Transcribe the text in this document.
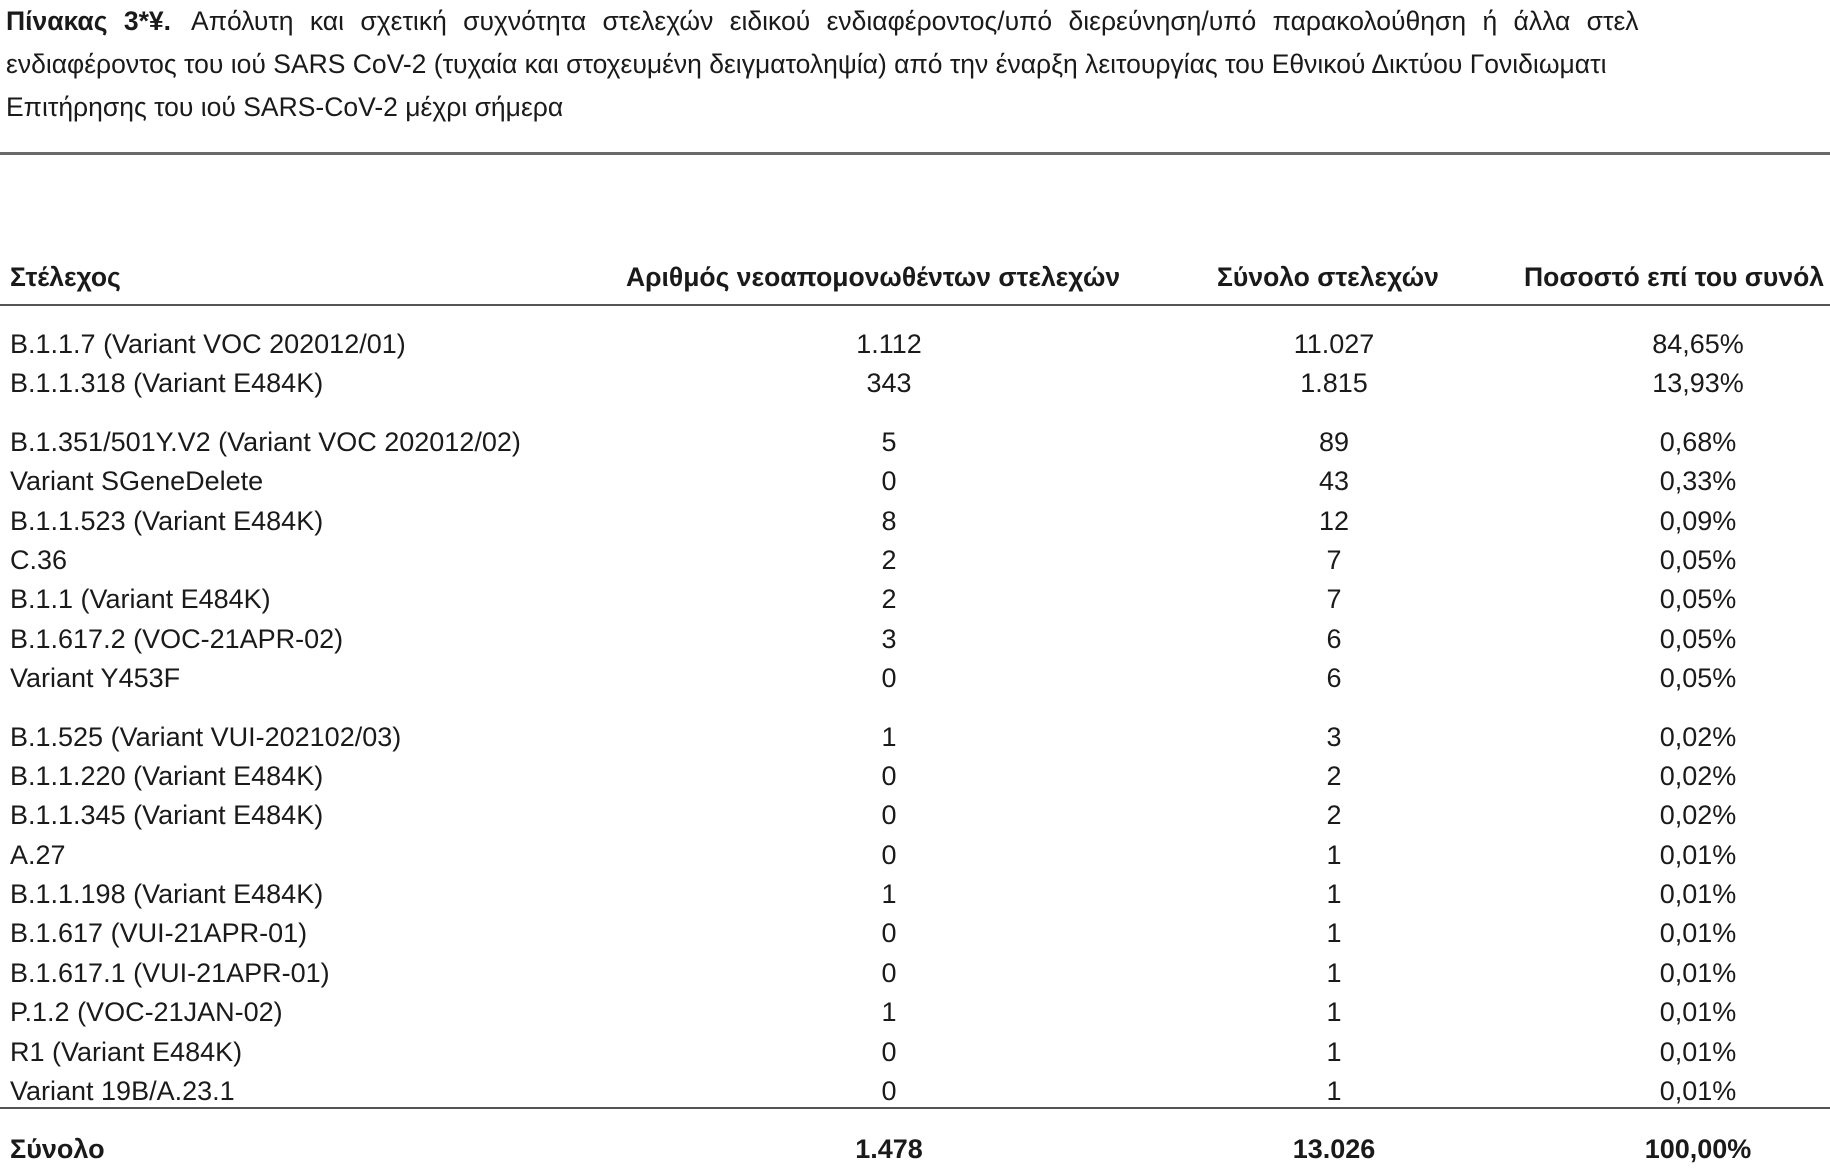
Πίνακας 3*¥. Απόλυτη και σχετική συχνότητα στελεχών ειδικού ενδιαφέροντος/υπό διερεύνηση/υπό παρακολούθηση ή άλλα στελ
ενδιαφέροντος του ιού SARS CoV-2 (τυχαία και στοχευμένη δειγματοληψία) από την έναρξη λειτουργίας του Εθνικού Δικτύου Γονιδιωματι
Επιτήρησης του ιού SARS-CoV-2 μέχρι σήμερα
Στέλεχος	Αριθμός νεοαπομονωθέντων στελεχών	Σύνολο στελεχών	Ποσοστό επί του συνόλ
B.1.1.7 (Variant VOC 202012/01)	1.112	11.027	84,65%
B.1.1.318 (Variant E484K)	343	1.815	13,93%
B.1.351/501Y.V2 (Variant VOC 202012/02)	5	89	0,68%
Variant SGeneDelete	0	43	0,33%
B.1.1.523 (Variant E484K)	8	12	0,09%
C.36	2	7	0,05%
B.1.1 (Variant E484K)	2	7	0,05%
B.1.617.2 (VOC-21APR-02)	3	6	0,05%
Variant Y453F	0	6	0,05%
B.1.525 (Variant VUI-202102/03)	1	3	0,02%
B.1.1.220 (Variant E484K)	0	2	0,02%
B.1.1.345 (Variant E484K)	0	2	0,02%
A.27	0	1	0,01%
B.1.1.198 (Variant E484K)	1	1	0,01%
B.1.617 (VUI-21APR-01)	0	1	0,01%
B.1.617.1 (VUI-21APR-01)	0	1	0,01%
P.1.2 (VOC-21JAN-02)	1	1	0,01%
R1 (Variant E484K)	0	1	0,01%
Variant 19B/A.23.1	0	1	0,01%
Σύνολο	1.478	13.026	100,00%
